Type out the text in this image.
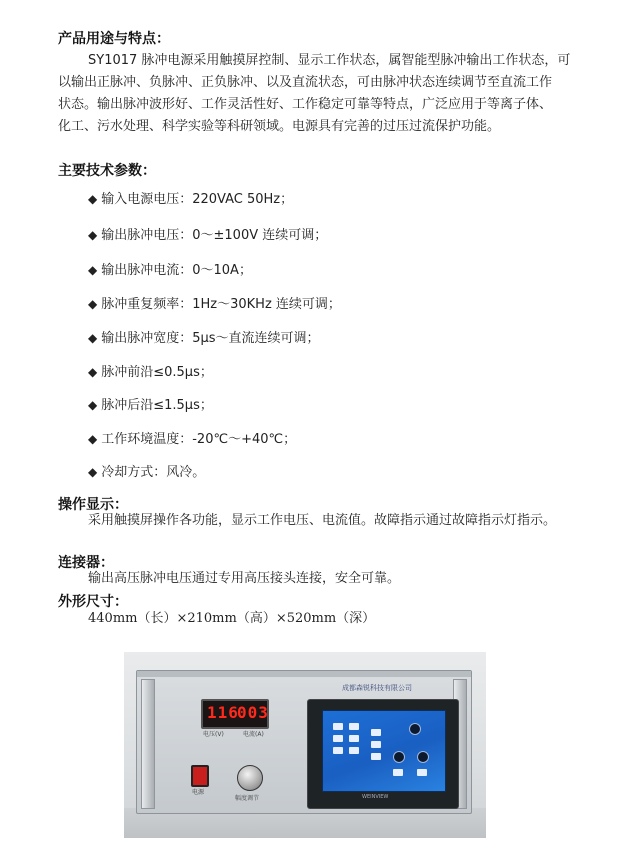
产品用途与特点：
SY1017 脉冲电源采用触摸屏控制、显示工作状态，属智能型脉冲输出工作状态，可
以输出正脉冲、负脉冲、正负脉冲、以及直流状态，可由脉冲状态连续调节至直流工作
状态。输出脉冲波形好、工作灵活性好、工作稳定可靠等特点，广泛应用于等离子体、
化工、污水处理、科学实验等科研领域。电源具有完善的过压过流保护功能。
主要技术参数：
◆ 输入电源电压：220VAC 50Hz；
◆ 输出脉冲电压：0～±100V 连续可调；
◆ 输出脉冲电流：0～10A；
◆ 脉冲重复频率：1Hz～30KHz 连续可调；
◆ 输出脉冲宽度：5μs～直流连续可调；
◆ 脉冲前沿≤0.5μs；
◆ 脉冲后沿≤1.5μs；
◆ 工作环境温度：-20℃～+40℃；
◆ 冷却方式：风冷。
操作显示：
采用触摸屏操作各功能，显示工作电压、电流值。故障指示通过故障指示灯指示。
连接器：
输出高压脉冲电压通过专用高压接头连接，安全可靠。
外形尺寸：
440mm（长）×210mm（高）×520mm（深）
成都森锐科技有限公司
116
003
电压(V)	电流(A)
电源
幅度调节	WEINVIEW
